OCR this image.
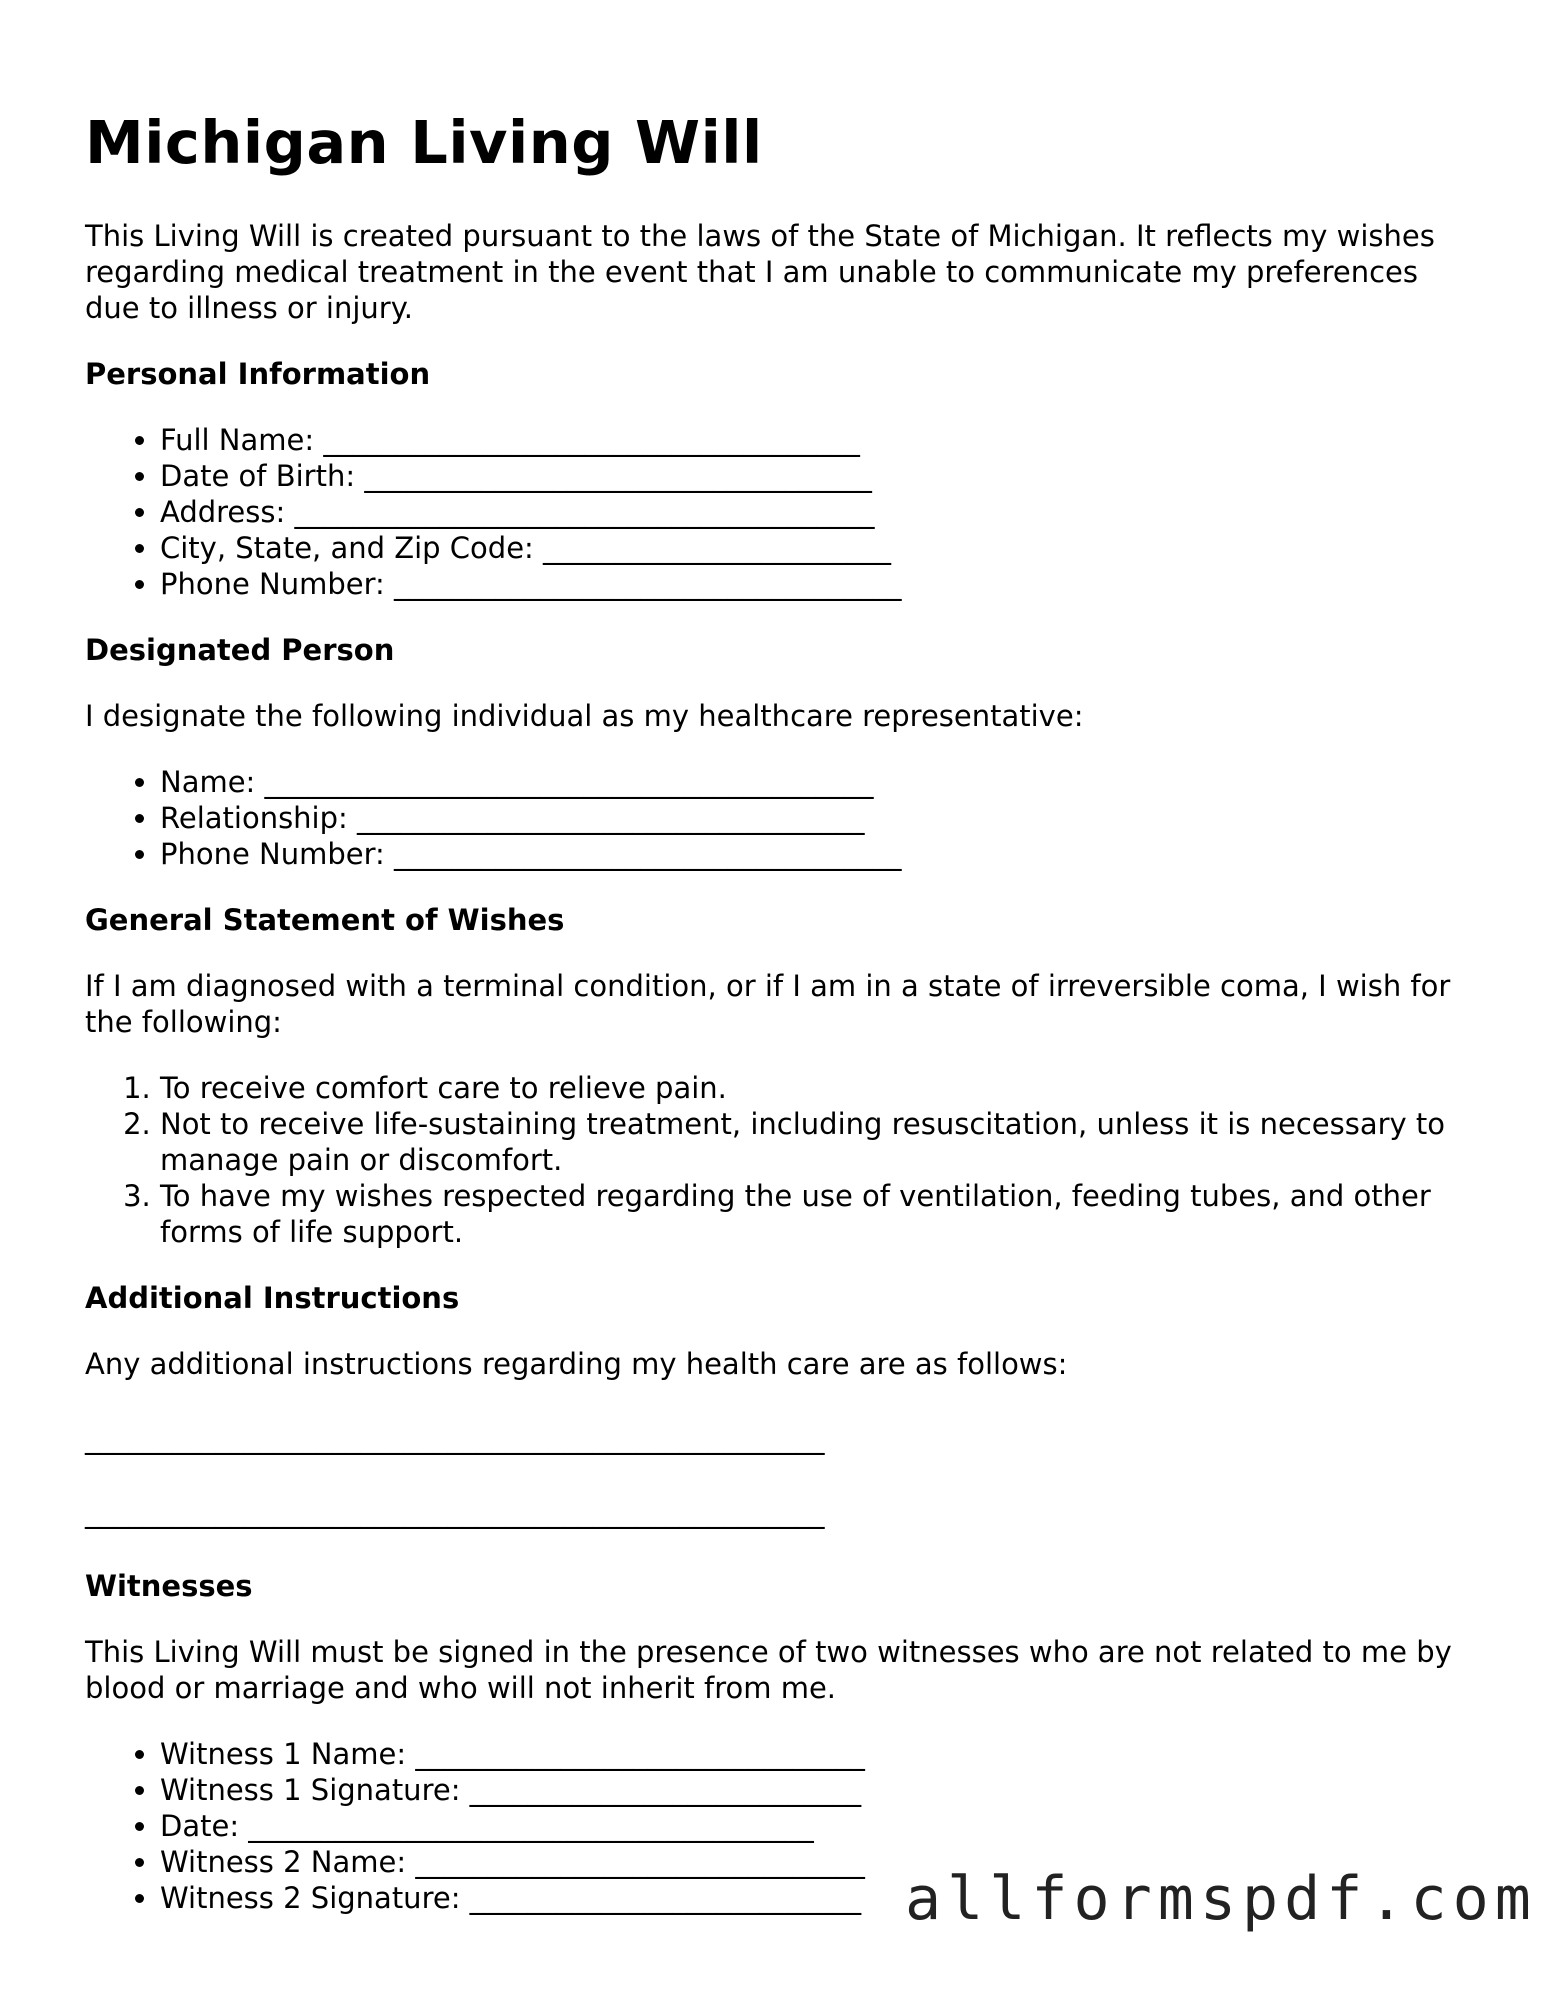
Michigan Living Will

This Living Will is created pursuant to the laws of the State of Michigan. It reflects my wishes regarding medical treatment in the event that I am unable to communicate my preferences due to illness or injury.

Personal Information
• Full Name: _____________________________________
• Date of Birth: ___________________________________
• Address: ________________________________________
• City, State, and Zip Code: ________________________
• Phone Number: ___________________________________
Designated Person

I designate the following individual as my healthcare representative:

• Name: __________________________________________
• Relationship: ___________________________________
• Phone Number: ___________________________________
General Statement of Wishes

If I am diagnosed with a terminal condition, or if I am in a state of irreversible coma, I wish for the following:

1. To receive comfort care to relieve pain.
2. Not to receive life-sustaining treatment, including resuscitation, unless it is necessary to manage pain or discomfort.
3. To have my wishes respected regarding the use of ventilation, feeding tubes, and other forms of life support.
Additional Instructions

Any additional instructions regarding my health care are as follows:

___________________________________________________
___________________________________________________
Witnesses

This Living Will must be signed in the presence of two witnesses who are not related to me by blood or marriage and who will not inherit from me.

• Witness 1 Name: _______________________________
• Witness 1 Signature: ___________________________
• Date: _______________________________________
• Witness 2 Name: _______________________________
• Witness 2 Signature: ___________________________ allformspdf.com
